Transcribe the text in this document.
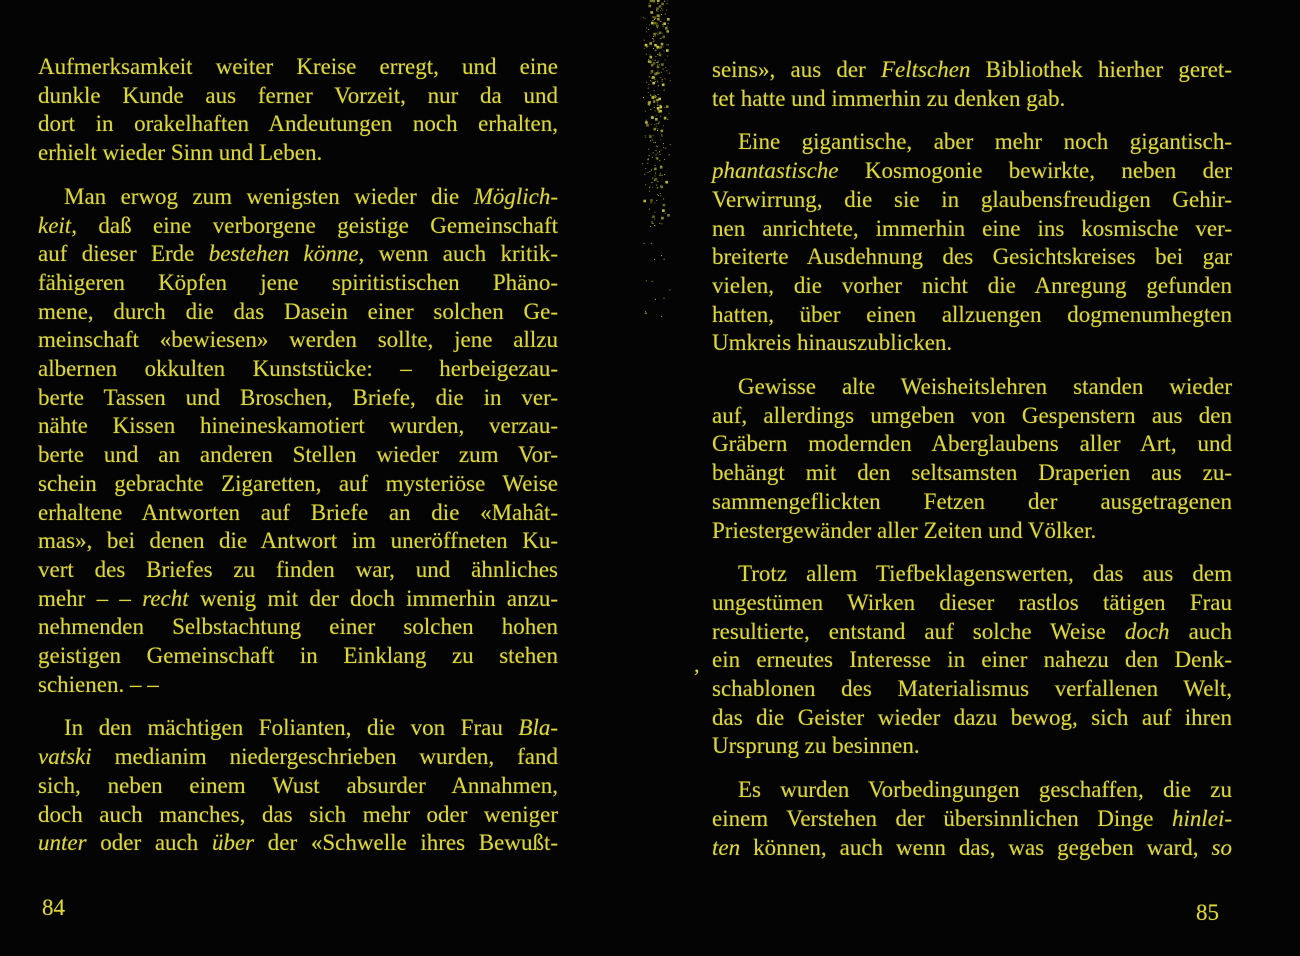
Aufmerksamkeit weiter Kreise erregt, und eine
dunkle Kunde aus ferner Vorzeit, nur da und
dort in orakelhaften Andeutungen noch erhalten,
erhielt wieder Sinn und Leben.
Man erwog zum wenigsten wieder die Möglich-
keit, daß eine verborgene geistige Gemeinschaft
auf dieser Erde bestehen könne, wenn auch kritik-
fähigeren Köpfen jene spiritistischen Phäno-
mene, durch die das Dasein einer solchen Ge-
meinschaft «bewiesen» werden sollte, jene allzu
albernen okkulten Kunststücke: – herbeigezau-
berte Tassen und Broschen, Briefe, die in ver-
nähte Kissen hineineskamotiert wurden, verzau-
berte und an anderen Stellen wieder zum Vor-
schein gebrachte Zigaretten, auf mysteriöse Weise
erhaltene Antworten auf Briefe an die «Mahât-
mas», bei denen die Antwort im uneröffneten Ku-
vert des Briefes zu finden war, und ähnliches
mehr – – recht wenig mit der doch immerhin anzu-
nehmenden Selbstachtung einer solchen hohen
geistigen Gemeinschaft in Einklang zu stehen
schienen. – –
In den mächtigen Folianten, die von Frau Bla-
vatski medianim niedergeschrieben wurden, fand
sich, neben einem Wust absurder Annahmen,
doch auch manches, das sich mehr oder weniger
unter oder auch über der «Schwelle ihres Bewußt-
seins», aus der Feltschen Bibliothek hierher geret-
tet hatte und immerhin zu denken gab.
Eine gigantische, aber mehr noch gigantisch-
phantastische Kosmogonie bewirkte, neben der
Verwirrung, die sie in glaubensfreudigen Gehir-
nen anrichtete, immerhin eine ins kosmische ver-
breiterte Ausdehnung des Gesichtskreises bei gar
vielen, die vorher nicht die Anregung gefunden
hatten, über einen allzuengen dogmenumhegten
Umkreis hinauszublicken.
Gewisse alte Weisheitslehren standen wieder
auf, allerdings umgeben von Gespenstern aus den
Gräbern modernden Aberglaubens aller Art, und
behängt mit den seltsamsten Draperien aus zu-
sammengeflickten Fetzen der ausgetragenen
Priestergewänder aller Zeiten und Völker.
Trotz allem Tiefbeklagenswerten, das aus dem
ungestümen Wirken dieser rastlos tätigen Frau
resultierte, entstand auf solche Weise doch auch
ein erneutes Interesse in einer nahezu den Denk-
schablonen des Materialismus verfallenen Welt,
das die Geister wieder dazu bewog, sich auf ihren
Ursprung zu besinnen.
Es wurden Vorbedingungen geschaffen, die zu
einem Verstehen der übersinnlichen Dinge hinlei-
ten können, auch wenn das, was gegeben ward, so
84	85
,
